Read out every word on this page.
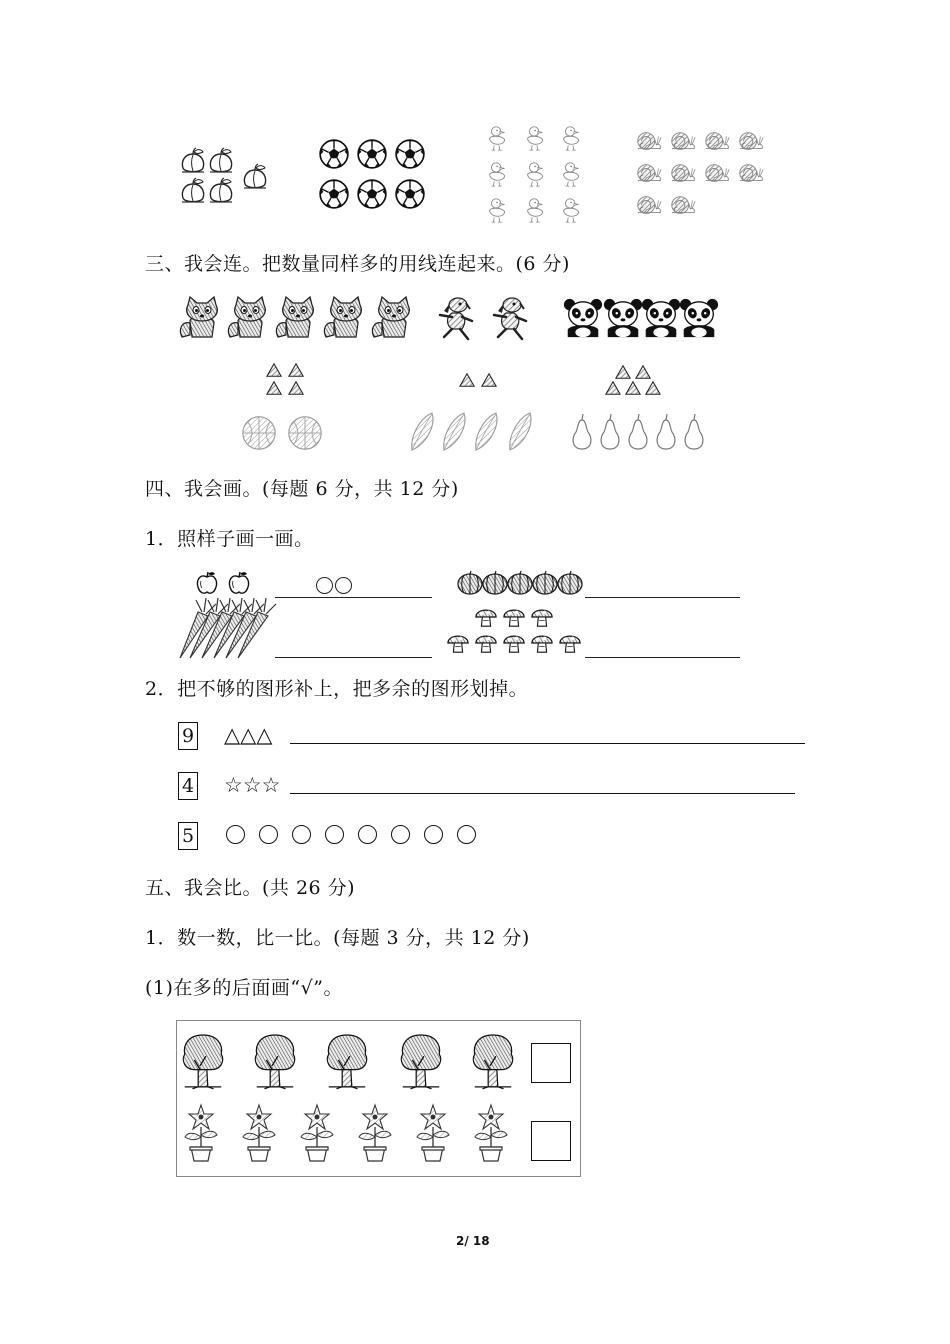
三、我会连。把数量同样多的用线连起来。(6 分)
四、我会画。(每题 6 分，共 12 分)
1．照样子画一画。
2．把不够的图形补上，把多余的图形划掉。
9 △△△
4 ☆☆☆
5
五、我会比。(共 26 分)
1．数一数，比一比。(每题 3 分，共 12 分)
(1)在多的后面画“√”。
2/ 18
